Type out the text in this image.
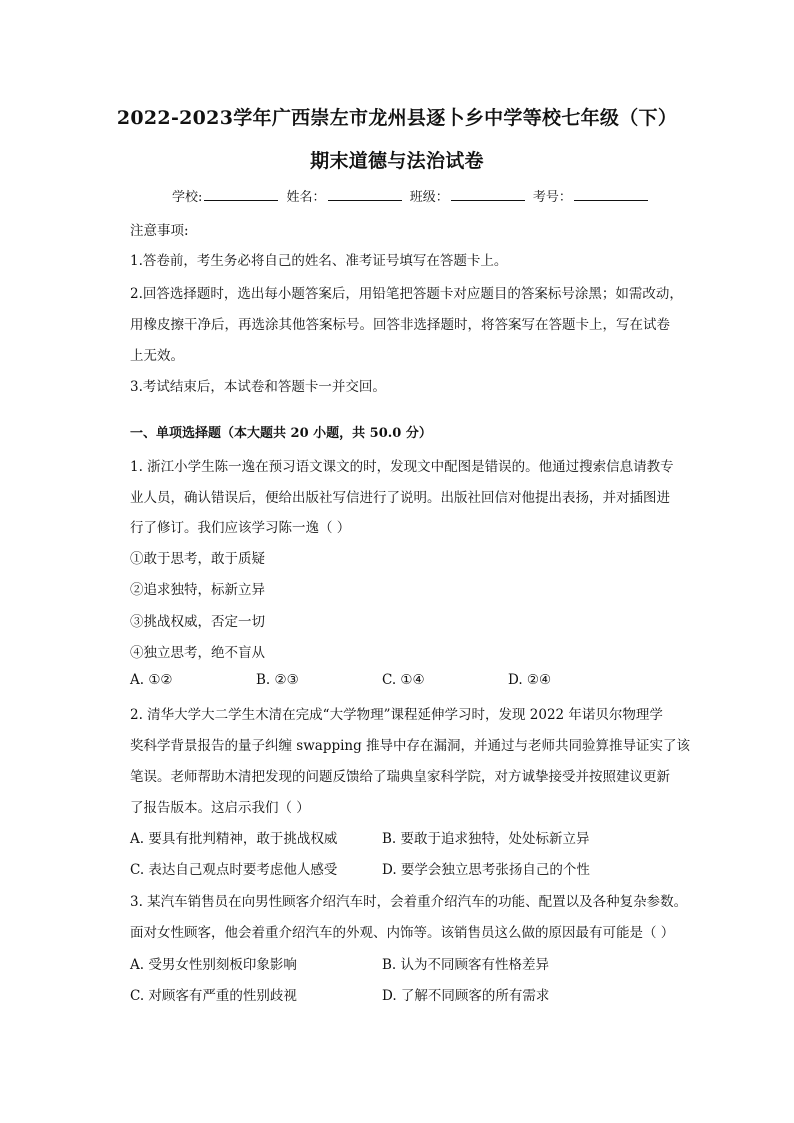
2022-2023学年广西崇左市龙州县逐卜乡中学等校七年级（下）
期末道德与法治试卷
学校:	姓名：	班级：	考号：
注意事项:
1.答卷前，考生务必将自己的姓名、准考证号填写在答题卡上。
2.回答选择题时，选出每小题答案后，用铅笔把答题卡对应题目的答案标号涂黑；如需改动，
用橡皮擦干净后，再选涂其他答案标号。回答非选择题时，将答案写在答题卡上，写在试卷
上无效。
3.考试结束后，本试卷和答题卡一并交回。
一、单项选择题（本大题共 20 小题，共 50.0 分）
1. 浙江小学生陈一逸在预习语文课文的时，发现文中配图是错误的。他通过搜索信息请教专
业人员，确认错误后，便给出版社写信进行了说明。出版社回信对他提出表扬，并对插图进
行了修订。我们应该学习陈一逸（ ）
①敢于思考，敢于质疑
②追求独特，标新立异
③挑战权威，否定一切
④独立思考，绝不盲从
A. ①②	B. ②③	C. ①④	D. ②④
2. 清华大学大二学生木清在完成“大学物理”课程延伸学习时，发现 2022 年诺贝尔物理学
奖科学背景报告的量子纠缠 swapping 推导中存在漏洞，并通过与老师共同验算推导证实了该
笔误。老师帮助木清把发现的问题反馈给了瑞典皇家科学院，对方诚挚接受并按照建议更新
了报告版本。这启示我们（ ）
A. 要具有批判精神，敢于挑战权威	B. 要敢于追求独特，处处标新立异
C. 表达自己观点时要考虑他人感受	D. 要学会独立思考张扬自己的个性
3. 某汽车销售员在向男性顾客介绍汽车时，会着重介绍汽车的功能、配置以及各种复杂参数。
面对女性顾客，他会着重介绍汽车的外观、内饰等。该销售员这么做的原因最有可能是（ ）
A. 受男女性别刻板印象影响	B. 认为不同顾客有性格差异
C. 对顾客有严重的性别歧视	D. 了解不同顾客的所有需求
